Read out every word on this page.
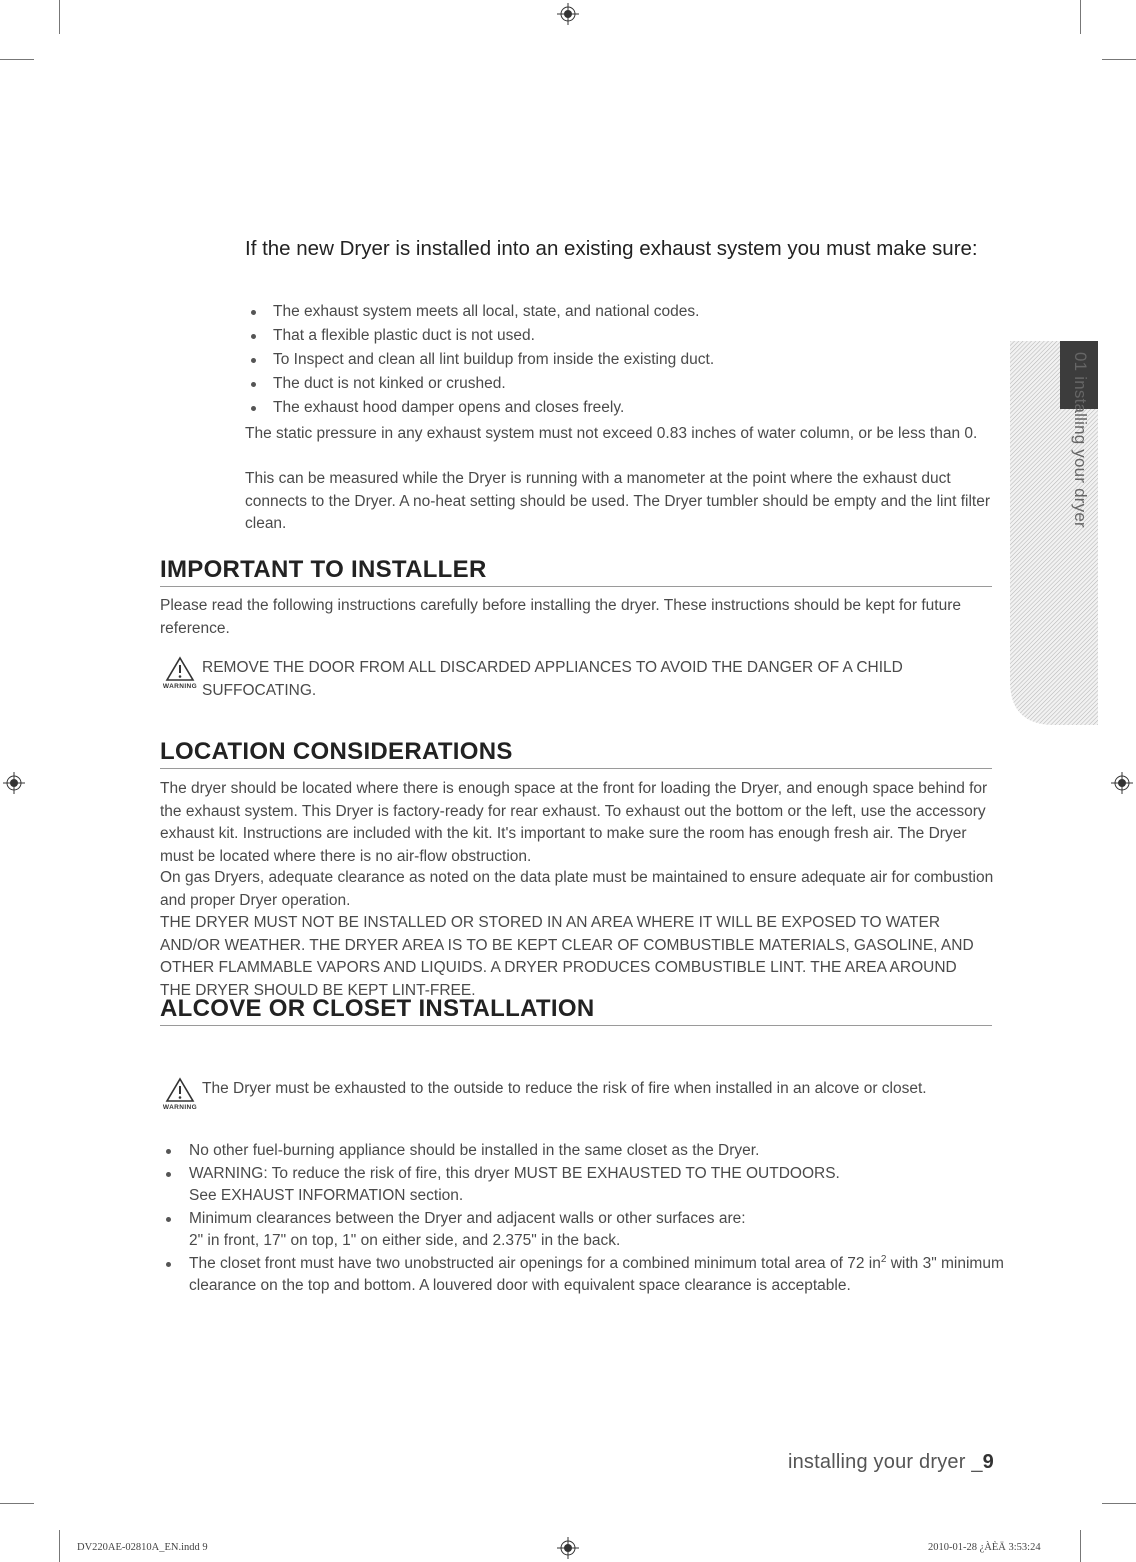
If the new Dryer is installed into an existing exhaust system you must make sure:
The exhaust system meets all local, state, and national codes.
That a flexible plastic duct is not used.
To Inspect and clean all lint buildup from inside the existing duct.
The duct is not kinked or crushed.
The exhaust hood damper opens and closes freely.

The static pressure in any exhaust system must not exceed 0.83 inches of water column, or be less than 0.

This can be measured while the Dryer is running with a manometer at the point where the exhaust duct connects to the Dryer. A no-heat setting should be used. The Dryer tumbler should be empty and the lint filter clean.

IMPORTANT TO INSTALLER

Please read the following instructions carefully before installing the dryer. These instructions should be kept for future reference.

WARNING
REMOVE THE DOOR FROM ALL DISCARDED APPLIANCES TO AVOID THE DANGER OF A CHILD SUFFOCATING.
LOCATION CONSIDERATIONS

The dryer should be located where there is enough space at the front for loading the Dryer, and enough space behind for the exhaust system. This Dryer is factory-ready for rear exhaust. To exhaust out the bottom or the left, use the accessory exhaust kit. Instructions are included with the kit. It's important to make sure the room has enough fresh air. The Dryer must be located where there is no air-flow obstruction.

On gas Dryers, adequate clearance as noted on the data plate must be maintained to ensure adequate air for combustion and proper Dryer operation.

THE DRYER MUST NOT BE INSTALLED OR STORED IN AN AREA WHERE IT WILL BE EXPOSED TO WATER AND/OR WEATHER. THE DRYER AREA IS TO BE KEPT CLEAR OF COMBUSTIBLE MATERIALS, GASOLINE, AND OTHER FLAMMABLE VAPORS AND LIQUIDS. A DRYER PRODUCES COMBUSTIBLE LINT. THE AREA AROUND THE DRYER SHOULD BE KEPT LINT-FREE.

ALCOVE OR CLOSET INSTALLATION
WARNING
The Dryer must be exhausted to the outside to reduce the risk of fire when installed in an alcove or closet.
No other fuel-burning appliance should be installed in the same closet as the Dryer.
WARNING: To reduce the risk of fire, this dryer MUST BE EXHAUSTED TO THE OUTDOORS.
See EXHAUST INFORMATION section.
Minimum clearances between the Dryer and adjacent walls or other surfaces are:
2" in front, 17" on top, 1" on either side, and 2.375" in the back.
The closet front must have two unobstructed air openings for a combined minimum total area of 72 $in^2$ with 3" minimum clearance on the top and bottom. A louvered door with equivalent space clearance is acceptable.
01 installing your dryer
installing your dryer _9
DV220AE-02810A_EN.indd 9	2010-01-28 ¿ÀÈÄ 3:53:24
